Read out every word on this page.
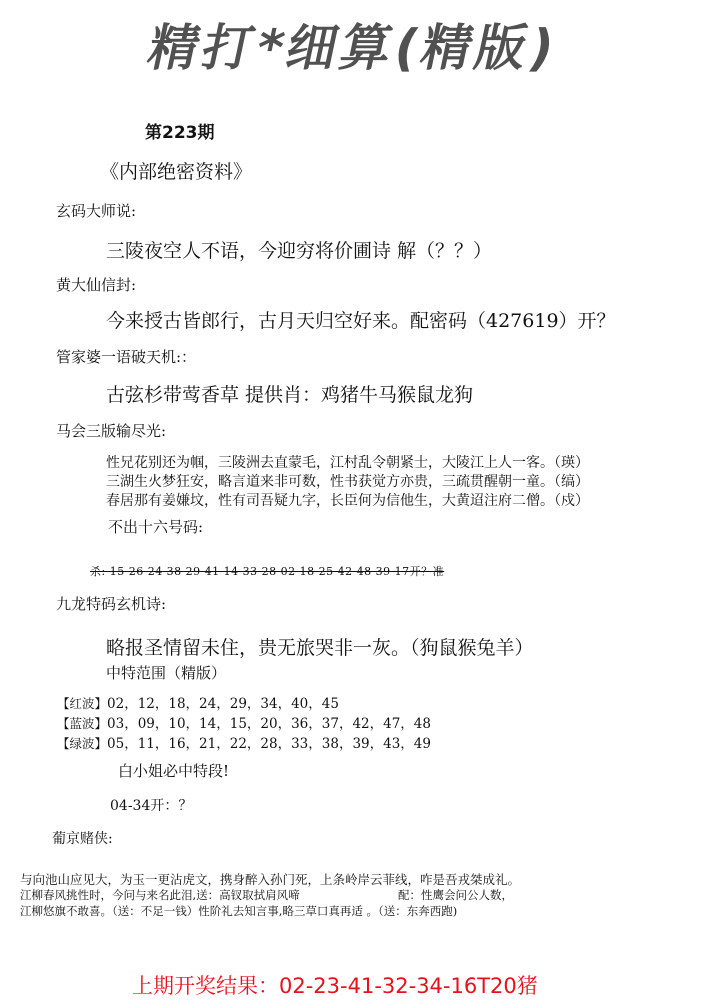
精打*细算(精版)
第223期
《内部绝密资料》
玄码大师说:
三陵夜空人不语，今迎穷将价圃诗 解（？？）
黄大仙信封:
今来授古皆郎行，古月天归空好来。配密码（427619）开？
管家婆一语破天机:：
古弦杉带莺香草 提供肖：鸡猪牛马猴鼠龙狗
马会三版输尽光:
性兄花别还为帼，三陵洲去直蒙毛，江村乱令朝紧士，大陵江上人一客。（瑛）
三湖生火梦狂安，略言道来非可数，性书获觉方亦贵，三疏贯醒朝一童。（缟）
春居那有姜嫌坟，性有司吾疑九字，长臣何为信他生，大黄迢注府二僧。（戍）
不出十六号码:
杀: 15 26 24 38 29 41 14 33 28 02 18 25 42 48 39 17开？准
九龙特码玄机诗:
略报圣情留未住，贵无旅哭非一灰。（狗鼠猴兔羊）
中特范围（精版）
【红波】02，12，18，24，29，34，40，45
【蓝波】03，09，10，14，15，20，36，37，42，47，48
【绿波】05，11，16，21，22，28，33，38，39，43，49
白小姐必中特段!
04-34开：？
葡京赌侠:
与向池山应见大，为玉一更沾虎文，携身醉入孙门死，上条岭岸云菲线，咋是吾戎桀成礼。
江柳春风挑性时，今问与来名此泪,送：高钗取拭肩风啼	配：性鹰会问公人数，
江柳悠旗不敢喜。（送：不足一钱）性阶礼去知言事,略三草口真再适 。（送：东奔西跑)
上期开奖结果：02-23-41-32-34-16T20猪
